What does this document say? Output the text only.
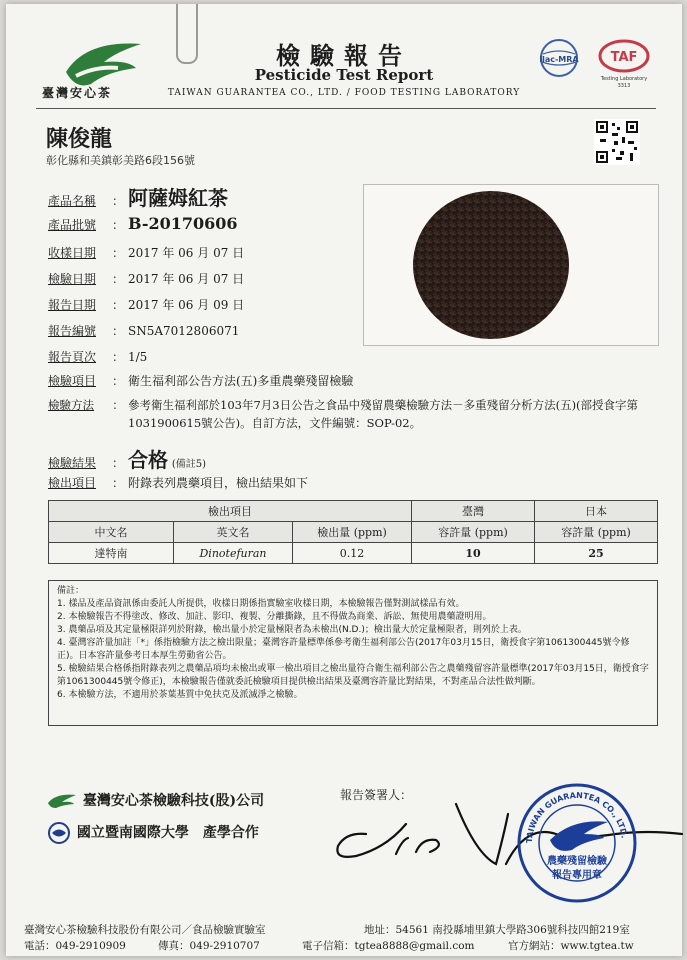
臺灣安心茶
檢驗報告
Pesticide Test Report
TAIWAN GUARANTEA CO., LTD. / FOOD TESTING LABORATORY
ilac-MRA TAF
Testing Laboratory
3313
陳俊龍
彰化縣和美鎮彰美路6段156號
產品名稱 ： 阿薩姆紅茶
產品批號 ： B-20170606
收樣日期 ： 2017 年 06 月 07 日
檢驗日期 ： 2017 年 06 月 07 日
報告日期 ： 2017 年 06 月 09 日
報告編號 ： SN5A7012806071
報告頁次 ： 1/5
檢驗項目 ： 衛生福利部公告方法(五)多重農藥殘留檢驗
檢驗方法 ： 參考衛生福利部於103年7月3日公告之食品中殘留農藥檢驗方法－多重殘留分析方法(五)(部授食字第1031900615號公告)。自訂方法，文件編號：SOP-02。
檢驗結果 ： 合格 (備註5)
檢出項目 ： 附錄表列農藥項目，檢出結果如下
檢出項目			臺灣	日本
中文名	英文名	檢出量 (ppm)	容許量 (ppm)	容許量 (ppm)
達特南	Dinotefuran	0.12	10	25

備註：

1. 樣品及產品資訊係由委託人所提供，收樣日期係指實驗室收樣日期，本檢驗報告僅對測試樣品有效。

2. 本檢驗報告不得塗改、修改、加註、影印、複製、分離撕錄，且不得做為商業、訴訟、無使用農藥證明用。

3. 農藥品項及其定量極限詳列於附錄，檢出量小於定量極限者為未檢出(N.D.)；檢出量大於定量極限者，則列於上表。

4. 臺灣容許量加註「*」係指檢驗方法之檢出限量；臺灣容許量標準係參考衛生福利部公告(2017年03月15日，衛授食字第1061300445號令修正)。日本容許量參考日本厚生勞動省公告。

5. 檢驗結果合格係指附錄表列之農藥品項均未檢出或單一檢出項目之檢出量符合衛生福利部公告之農藥殘留容許量標準(2017年03月15日，衛授食字第1061300445號令修正)，本檢驗報告僅就委託檢驗項目提供檢出結果及臺灣容許量比對結果，不對產品合法性做判斷。

6. 本檢驗方法，不適用於茶葉基質中免扶克及派滅淨之檢驗。

臺灣安心茶檢驗科技(股)公司
國立暨南國際大學　產學合作
報告簽署人：
TAIWAN GUARANTEA CO., LTD.
農藥殘留檢驗
報告專用章
臺灣安心茶檢驗科技股份有限公司／食品檢驗實驗室	地址：54561 南投縣埔里鎮大學路306號科技四館219室
電話：049-2910909	傳真：049-2910707	電子信箱：tgtea8888@gmail.com	官方網站：www.tgtea.tw
